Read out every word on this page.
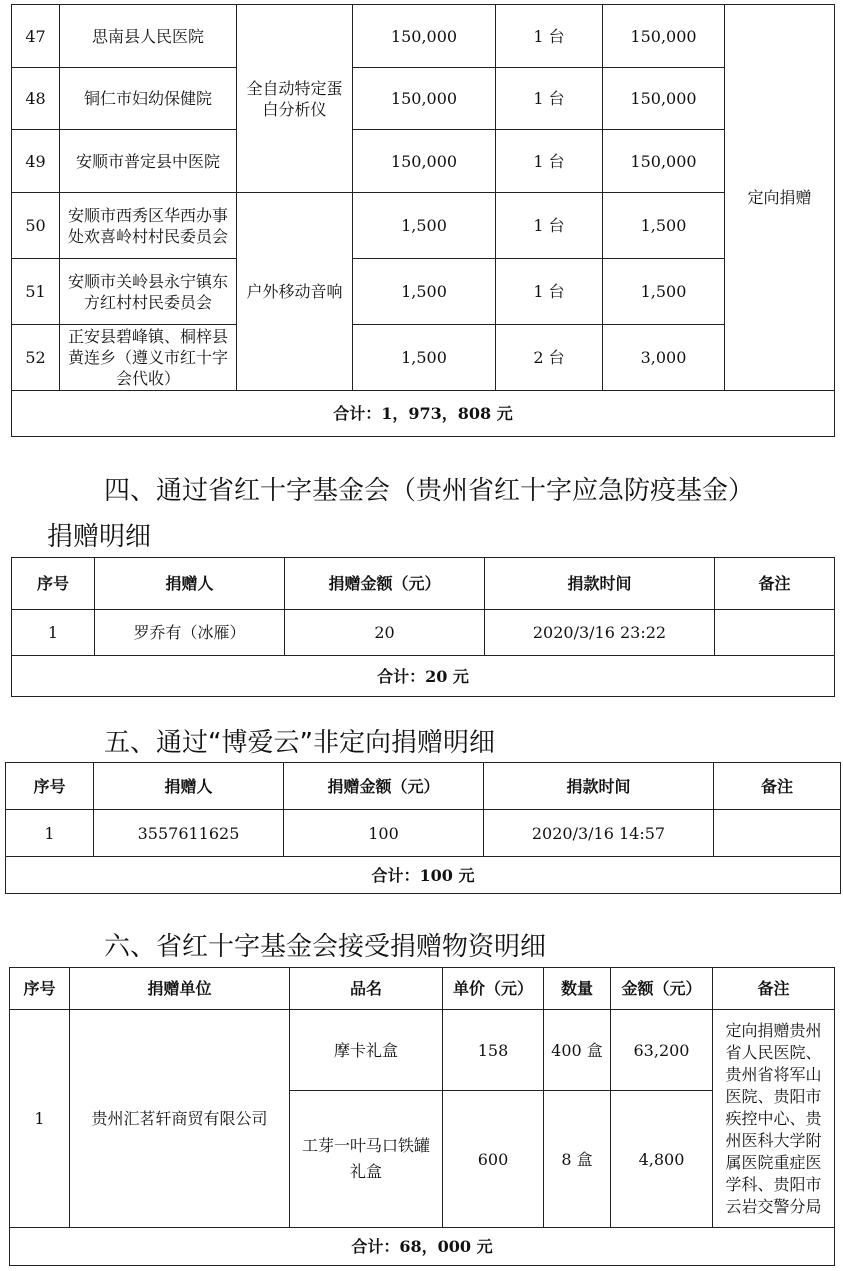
47	思南县人民医院	全自动特定蛋白分析仪	150,000	1 台	150,000	定向捐赠
48	铜仁市妇幼保健院		150,000	1 台	150,000	
49	安顺市普定县中医院		150,000	1 台	150,000	
50	安顺市西秀区华西办事处欢喜岭村村民委员会	户外移动音响	1,500	1 台	1,500	
51	安顺市关岭县永宁镇东方红村村民委员会		1,500	1 台	1,500	
52	正安县碧峰镇、桐梓县黄连乡（遵义市红十字会代收）		1,500	2 台	3,000	
合计：1，973，808 元						
四、通过省红十字基金会（贵州省红十字应急防疫基金）
捐赠明细
序号	捐赠人	捐赠金额（元）	捐款时间	备注
1	罗乔有（冰雁）	20	2020/3/16 23:22	
合计：20 元				
五、通过“博爱云”非定向捐赠明细
序号	捐赠人	捐赠金额（元）	捐款时间	备注
1	3557611625	100	2020/3/16 14:57	
合计：100 元				
六、省红十字基金会接受捐赠物资明细
序号	捐赠单位	品名	单价（元）	数量	金额（元）	备注
1	贵州汇茗轩商贸有限公司	摩卡礼盒	158	400 盒	63,200	定向捐赠贵州省人民医院、贵州省将军山医院、贵阳市疾控中心、贵州医科大学附属医院重症医学科、贵阳市云岩交警分局
		工芽一叶马口铁罐礼盒	600	8 盒	4,800	
合计：68，000 元						
